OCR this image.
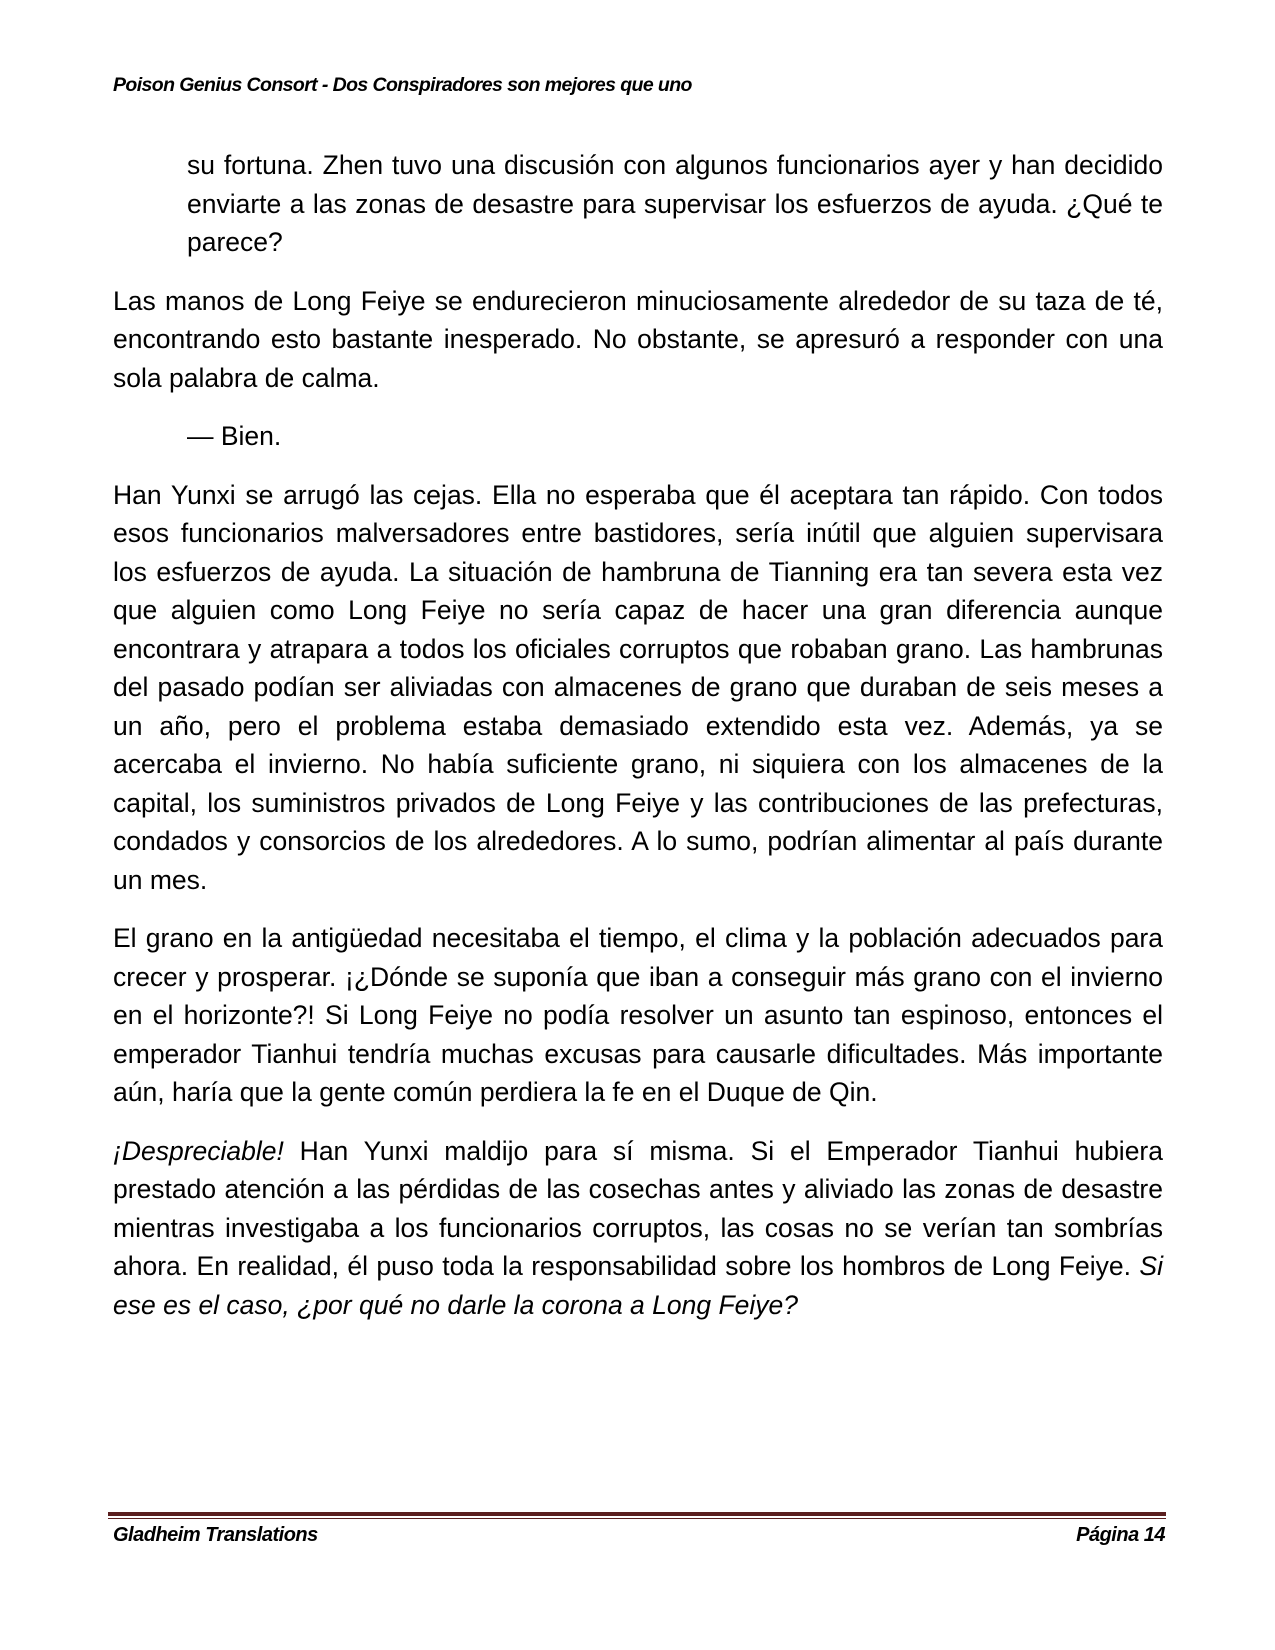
Poison Genius Consort - Dos Conspiradores son mejores que uno

su fortuna. Zhen tuvo una discusión con algunos funcionarios ayer y han decidido enviarte a las zonas de desastre para supervisar los esfuerzos de ayuda. ¿Qué te parece?

Las manos de Long Feiye se endurecieron minuciosamente alrededor de su taza de té, encontrando esto bastante inesperado. No obstante, se apresuró a responder con una sola palabra de calma.

— Bien.

Han Yunxi se arrugó las cejas. Ella no esperaba que él aceptara tan rápido. Con todos esos funcionarios malversadores entre bastidores, sería inútil que alguien supervisara los esfuerzos de ayuda. La situación de hambruna de Tianning era tan severa esta vez que alguien como Long Feiye no sería capaz de hacer una gran diferencia aunque encontrara y atrapara a todos los oficiales corruptos que robaban grano. Las hambrunas del pasado podían ser aliviadas con almacenes de grano que duraban de seis meses a un año, pero el problema estaba demasiado extendido esta vez. Además, ya se acercaba el invierno. No había suficiente grano, ni siquiera con los almacenes de la capital, los suministros privados de Long Feiye y las contribuciones de las prefecturas, condados y consorcios de los alrededores. A lo sumo, podrían alimentar al país durante un mes.

El grano en la antigüedad necesitaba el tiempo, el clima y la población adecuados para crecer y prosperar. ¡¿Dónde se suponía que iban a conseguir más grano con el invierno en el horizonte?! Si Long Feiye no podía resolver un asunto tan espinoso, entonces el emperador Tianhui tendría muchas excusas para causarle dificultades. Más importante aún, haría que la gente común perdiera la fe en el Duque de Qin.

¡Despreciable! Han Yunxi maldijo para sí misma. Si el Emperador Tianhui hubiera prestado atención a las pérdidas de las cosechas antes y aliviado las zonas de desastre mientras investigaba a los funcionarios corruptos, las cosas no se verían tan sombrías ahora. En realidad, él puso toda la responsabilidad sobre los hombros de Long Feiye. Si ese es el caso, ¿por qué no darle la corona a Long Feiye?

Gladheim Translations	Página 14
